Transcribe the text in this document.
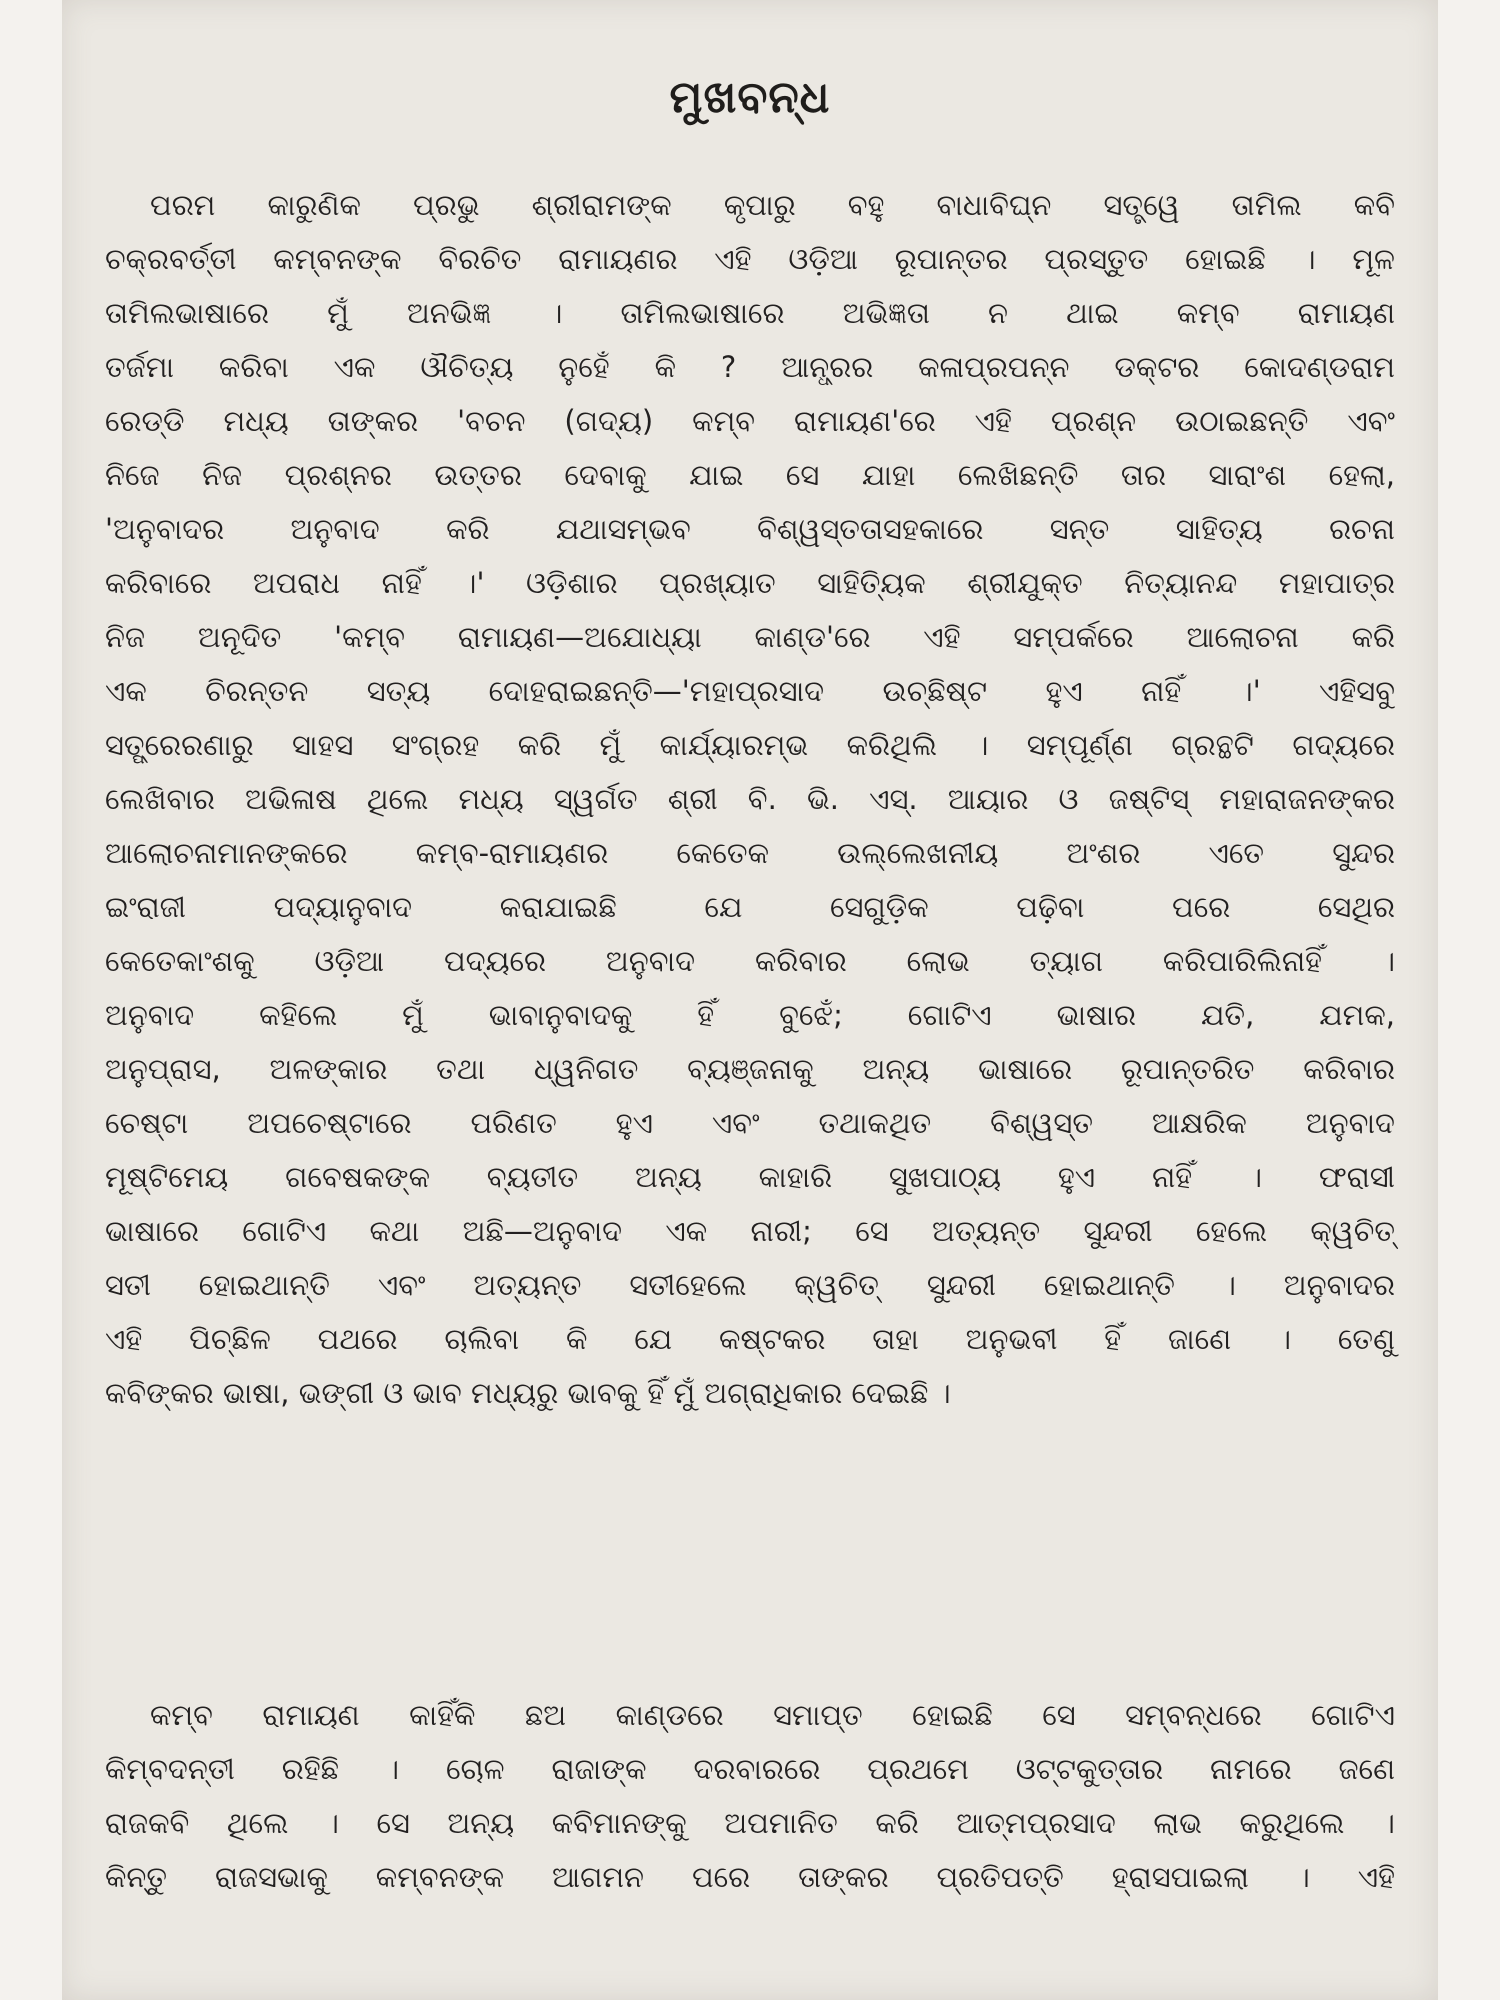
ମୁଖବନ୍ଧ
ପରମ କାରୁଣିକ ପ୍ରଭୁ ଶ୍ରୀରାମଙ୍କ କୃପାରୁ ବହୁ ବାଧାବିଘ୍ନ ସତ୍ତ୍ୱେ ତାମିଲ କବି
ଚକ୍ରବର୍ତ୍ତୀ କମ୍ବନଙ୍କ ବିରଚିତ ରାମାୟଣର ଏହି ଓଡ଼ିଆ ରୂପାନ୍ତର ପ୍ରସ୍ତୁତ ହୋଇଛି । ମୂଳ
ତାମିଲଭାଷାରେ ମୁଁ ଅନଭିଜ୍ଞ । ତାମିଲଭାଷାରେ ଅଭିଜ୍ଞତା ନ ଥାଇ କମ୍ବ ରାମାୟଣ
ତର୍ଜମା କରିବା ଏକ ଔଚିତ୍ୟ ନୁହେଁ କି ? ଆନ୍ଧ୍ରର କଳାପ୍ରପନ୍ନ ଡକ୍ଟର କୋଦଣ୍ଡରାମ
ରେଡ୍ଡି ମଧ୍ୟ ତାଙ୍କର 'ବଚନ (ଗଦ୍ୟ) କମ୍ବ ରାମାୟଣ'ରେ ଏହି ପ୍ରଶ୍ନ ଉଠାଇଛନ୍ତି ଏବଂ
ନିଜେ ନିଜ ପ୍ରଶ୍ନର ଉତ୍ତର ଦେବାକୁ ଯାଇ ସେ ଯାହା ଲେଖିଛନ୍ତି ତାର ସାରାଂଶ ହେଲା,
'ଅନୁବାଦର ଅନୁବାଦ କରି ଯଥାସମ୍ଭବ ବିଶ୍ୱସ୍ତତାସହକାରେ ସନ୍ତ ସାହିତ୍ୟ ରଚନା
କରିବାରେ ଅପରାଧ ନାହିଁ ।' ଓଡ଼ିଶାର ପ୍ରଖ୍ୟାତ ସାହିତ୍ୟିକ ଶ୍ରୀଯୁକ୍ତ ନିତ୍ୟାନନ୍ଦ ମହାପାତ୍ର
ନିଜ ଅନୂଦିତ 'କମ୍ବ ରାମାୟଣ—ଅଯୋଧ୍ୟା କାଣ୍ଡ'ରେ ଏହି ସମ୍ପର୍କରେ ଆଲୋଚନା କରି
ଏକ ଚିରନ୍ତନ ସତ୍ୟ ଦୋହରାଇଛନ୍ତି—'ମହାପ୍ରସାଦ ଉଚ୍ଛିଷ୍ଟ ହୁଏ ନାହିଁ ।' ଏହିସବୁ
ସତ୍ପ୍ରେରଣାରୁ ସାହସ ସଂଗ୍ରହ କରି ମୁଁ କାର୍ଯ୍ୟାରମ୍ଭ କରିଥିଲି । ସମ୍ପୂର୍ଣ୍ଣ ଗ୍ରନ୍ଥଟି ଗଦ୍ୟରେ
ଲେଖିବାର ଅଭିଳାଷ ଥିଲେ ମଧ୍ୟ ସ୍ୱର୍ଗତ ଶ୍ରୀ ବି. ଭି. ଏସ୍. ଆୟାର ଓ ଜଷ୍ଟିସ୍ ମହାରାଜନଙ୍କର
ଆଲୋଚନାମାନଙ୍କରେ କମ୍ବ-ରାମାୟଣର କେତେକ ଉଲ୍ଲେଖନୀୟ ଅଂଶର ଏତେ ସୁନ୍ଦର
ଇଂରାଜୀ ପଦ୍ୟାନୁବାଦ କରାଯାଇଛି ଯେ ସେଗୁଡ଼ିକ ପଢ଼ିବା ପରେ ସେଥିର
କେତେକାଂଶକୁ ଓଡ଼ିଆ ପଦ୍ୟରେ ଅନୁବାଦ କରିବାର ଲୋଭ ତ୍ୟାଗ କରିପାରିଲିନାହିଁ ।
ଅନୁବାଦ କହିଲେ ମୁଁ ଭାବାନୁବାଦକୁ ହିଁ ବୁଝେଁ; ଗୋଟିଏ ଭାଷାର ଯତି, ଯମକ,
ଅନୁପ୍ରାସ, ଅଳଙ୍କାର ତଥା ଧ୍ୱନିଗତ ବ୍ୟଞ୍ଜନାକୁ ଅନ୍ୟ ଭାଷାରେ ରୂପାନ୍ତରିତ କରିବାର
ଚେଷ୍ଟା ଅପଚେଷ୍ଟାରେ ପରିଣତ ହୁଏ ଏବଂ ତଥାକଥିତ ବିଶ୍ୱସ୍ତ ଆକ୍ଷରିକ ଅନୁବାଦ
ମୂଷ୍ଟିମେୟ ଗବେଷକଙ୍କ ବ୍ୟତୀତ ଅନ୍ୟ କାହାରି ସୁଖପାଠ୍ୟ ହୁଏ ନାହିଁ । ଫରାସୀ
ଭାଷାରେ ଗୋଟିଏ କଥା ଅଛି—ଅନୁବାଦ ଏକ ନାରୀ; ସେ ଅତ୍ୟନ୍ତ ସୁନ୍ଦରୀ ହେଲେ କ୍ୱଚିତ୍
ସତୀ ହୋଇଥାନ୍ତି ଏବଂ ଅତ୍ୟନ୍ତ ସତୀହେଲେ କ୍ୱଚିତ୍ ସୁନ୍ଦରୀ ହୋଇଥାନ୍ତି । ଅନୁବାଦର
ଏହି ପିଚ୍ଛିଳ ପଥରେ ଚାଲିବା କି ଯେ କଷ୍ଟକର ତାହା ଅନୁଭବୀ ହିଁ ଜାଣେ । ତେଣୁ
କବିଙ୍କର ଭାଷା, ଭଙ୍ଗୀ ଓ ଭାବ ମଧ୍ୟରୁ ଭାବକୁ ହିଁ ମୁଁ ଅଗ୍ରାଧିକାର ଦେଇଛି ।
କମ୍ବ ରାମାୟଣ କାହିଁକି ଛଅ କାଣ୍ଡରେ ସମାପ୍ତ ହୋଇଛି ସେ ସମ୍ବନ୍ଧରେ ଗୋଟିଏ
କିମ୍ବଦନ୍ତୀ ରହିଛି । ଚୋଳ ରାଜାଙ୍କ ଦରବାରରେ ପ୍ରଥମେ ଓଟ୍ଟକୁତ୍ତାର ନାମରେ ଜଣେ
ରାଜକବି ଥିଲେ । ସେ ଅନ୍ୟ କବିମାନଙ୍କୁ ଅପମାନିତ କରି ଆତ୍ମପ୍ରସାଦ ଲାଭ କରୁଥିଲେ ।
କିନ୍ତୁ ରାଜସଭାକୁ କମ୍ବନଙ୍କ ଆଗମନ ପରେ ତାଙ୍କର ପ୍ରତିପତ୍ତି ହ୍ରାସପାଇଲା । ଏହି
